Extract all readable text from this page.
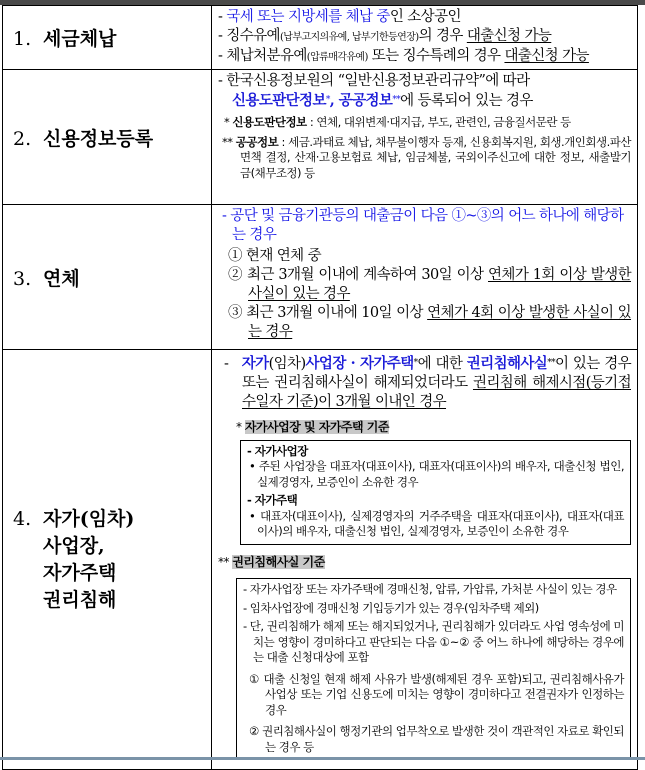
1. 세금체납	- 국세 또는 지방세를 체납 중인 소상공인
- 징수유예(납부고지의유예, 납부기한등연장)의 경우 대출신청 가능
- 체납처분유예(압류매각유예) 또는 징수특례의 경우 대출신청 가능

2. 신용정보등록	- 한국신용정보원의 “일반신용정보관리규약”에 따라
신용도판단정보*, 공공정보**에 등록되어 있는 경우
* 신용도판단정보 : 연체, 대위변제·대지급, 부도, 관련인, 금융질서문란 등
** 공공정보 : 세금.과태료 체납, 채무불이행자 등재, 신용회복지원, 회생.개인회생.파산면책 결정, 산재·고용보험료 체납, 임금체불, 국외이주신고에 대한 정보, 새출발기금(채무조정) 등

3. 연체	- 공단 및 금융기관등의 대출금이 다음 ①~③의 어느 하나에 해당하는 경우
① 현재 연체 중
② 최근 3개월 이내에 계속하여 30일 이상 연체가 1회 이상 발생한 사실이 있는 경우
③ 최근 3개월 이내에 10일 이상 연체가 4회 이상 발생한 사실이 있는 경우

4. 자가(임차)
사업장,
자가주택
권리침해

- 자가(임차)사업장 · 자가주택*에 대한 권리침해사실**이 있는 경우 또는 권리침해사실이 해제되었더라도 권리침해 해제시점(등기접수일자 기준)이 3개월 이내인 경우
* 자가사업장 및 자가주택 기준
- 자가사업장
• 주된 사업장을 대표자(대표이사), 대표자(대표이사)의 배우자, 대출신청 법인, 실제경영자, 보증인이 소유한 경우
- 자가주택
• 대표자(대표이사), 실제경영자의 거주주택을 대표자(대표이사), 대표자(대표이사)의 배우자, 대출신청 법인, 실제경영자, 보증인이 소유한 경우
** 권리침해사실 기준
- 자가사업장 또는 자가주택에 경매신청, 압류, 가압류, 가처분 사실이 있는 경우
- 임차사업장에 경매신청 기입등기가 있는 경우(임차주택 제외)
- 단, 권리침해가 해제 또는 해지되었거나, 권리침해가 있더라도 사업 영속성에 미치는 영향이 경미하다고 판단되는 다음 ①~② 중 어느 하나에 해당하는 경우에는 대출 신청대상에 포함
① 대출 신청일 현재 해제 사유가 발생(해제된 경우 포함)되고, 권리침해사유가 사업상 또는 기업 신용도에 미치는 영향이 경미하다고 전결권자가 인정하는 경우
② 권리침해사실이 행정기관의 업무착오로 발생한 것이 객관적인 자료로 확인되는 경우 등
